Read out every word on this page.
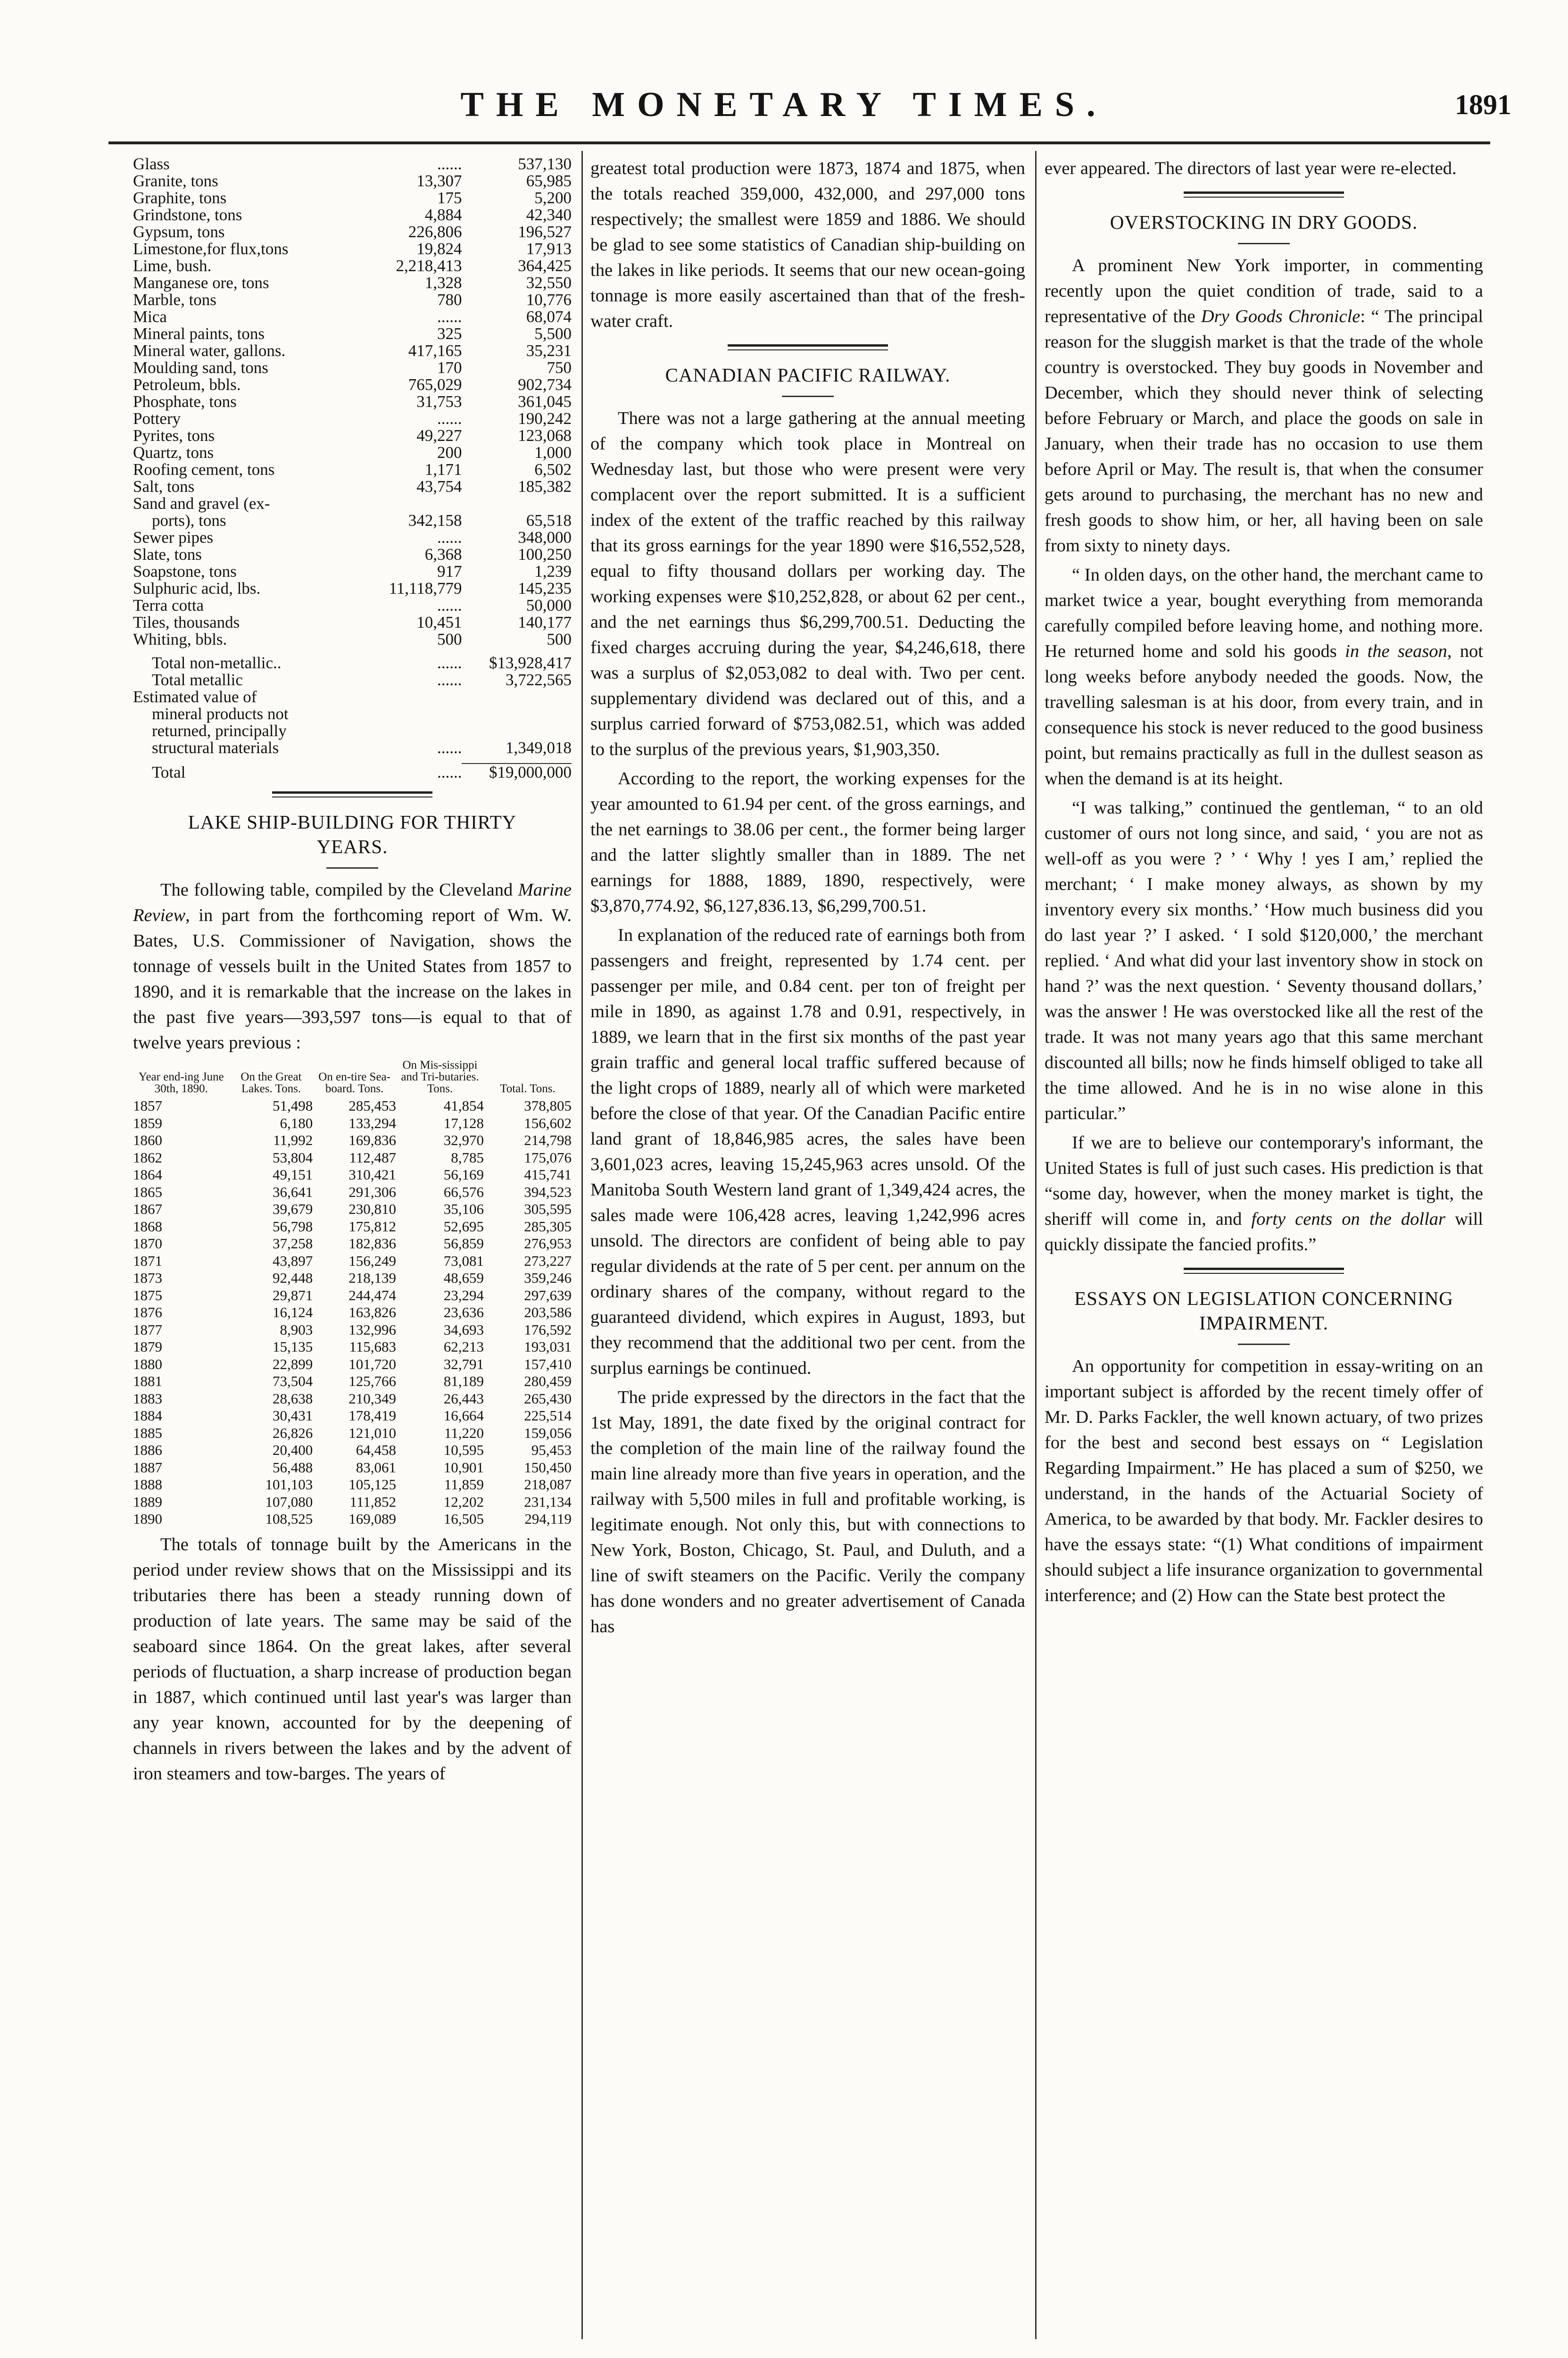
THE MONETARY TIMES.	1891
Glass	......	537,130
Granite, tons	13,307	65,985
Graphite, tons	175	5,200
Grindstone, tons	4,884	42,340
Gypsum, tons	226,806	196,527
Limestone,for flux,tons	19,824	17,913
Lime, bush.	2,218,413	364,425
Manganese ore, tons	1,328	32,550
Marble, tons	780	10,776
Mica	......	68,074
Mineral paints, tons	325	5,500
Mineral water, gallons.	417,165	35,231
Moulding sand, tons	170	750
Petroleum, bbls.	765,029	902,734
Phosphate, tons	31,753	361,045
Pottery	......	190,242
Pyrites, tons	49,227	123,068
Quartz, tons	200	1,000
Roofing cement, tons	1,171	6,502
Salt, tons	43,754	185,382
Sand and gravel (ex-		
ports), tons	342,158	65,518
Sewer pipes	......	348,000
Slate, tons	6,368	100,250
Soapstone, tons	917	1,239
Sulphuric acid, lbs.	11,118,779	145,235
Terra cotta	......	50,000
Tiles, thousands	10,451	140,177
Whiting, bbls.	500	500
Total non-metallic..	......	$13,928,417
Total metallic	......	3,722,565
Estimated value of		
mineral products not		
returned, principally		
structural materials	......	1,349,018

Total	......	$19,000,000
LAKE SHIP-BUILDING FOR THIRTY YEARS.

The following table, compiled by the Cleveland Marine Review, in part from the forthcoming report of Wm. W. Bates, U.S. Commissioner of Navigation, shows the tonnage of vessels built in the United States from 1857 to 1890, and it is remarkable that the increase on the lakes in the past five years—393,597 tons—is equal to that of twelve years previous :

Year end-ing June 30th, 1890.	On the Great Lakes. Tons.	On en-tire Sea-board. Tons.	On Mis-sissippi and Tri-butaries. Tons.	Total. Tons.
1857	51,498	285,453	41,854	378,805
1859	6,180	133,294	17,128	156,602
1860	11,992	169,836	32,970	214,798
1862	53,804	112,487	8,785	175,076
1864	49,151	310,421	56,169	415,741
1865	36,641	291,306	66,576	394,523
1867	39,679	230,810	35,106	305,595
1868	56,798	175,812	52,695	285,305
1870	37,258	182,836	56,859	276,953
1871	43,897	156,249	73,081	273,227
1873	92,448	218,139	48,659	359,246
1875	29,871	244,474	23,294	297,639
1876	16,124	163,826	23,636	203,586
1877	8,903	132,996	34,693	176,592
1879	15,135	115,683	62,213	193,031
1880	22,899	101,720	32,791	157,410
1881	73,504	125,766	81,189	280,459
1883	28,638	210,349	26,443	265,430
1884	30,431	178,419	16,664	225,514
1885	26,826	121,010	11,220	159,056
1886	20,400	64,458	10,595	95,453
1887	56,488	83,061	10,901	150,450
1888	101,103	105,125	11,859	218,087
1889	107,080	111,852	12,202	231,134
1890	108,525	169,089	16,505	294,119

The totals of tonnage built by the Americans in the period under review shows that on the Mississippi and its tributaries there has been a steady running down of production of late years. The same may be said of the seaboard since 1864. On the great lakes, after several periods of fluctuation, a sharp increase of production began in 1887, which continued until last year's was larger than any year known, accounted for by the deepening of channels in rivers between the lakes and by the advent of iron steamers and tow-barges. The years of

greatest total production were 1873, 1874 and 1875, when the totals reached 359,000, 432,000, and 297,000 tons respectively; the smallest were 1859 and 1886. We should be glad to see some statistics of Canadian ship-building on the lakes in like periods. It seems that our new ocean-going tonnage is more easily ascertained than that of the fresh-water craft.

CANADIAN PACIFIC RAILWAY.

There was not a large gathering at the annual meeting of the company which took place in Montreal on Wednesday last, but those who were present were very complacent over the report submitted. It is a sufficient index of the extent of the traffic reached by this railway that its gross earnings for the year 1890 were $16,552,528, equal to fifty thousand dollars per working day. The working expenses were $10,252,828, or about 62 per cent., and the net earnings thus $6,299,700.51. Deducting the fixed charges accruing during the year, $4,246,618, there was a surplus of $2,053,082 to deal with. Two per cent. supplementary dividend was declared out of this, and a surplus carried forward of $753,082.51, which was added to the surplus of the previous years, $1,903,350.

According to the report, the working expenses for the year amounted to 61.94 per cent. of the gross earnings, and the net earnings to 38.06 per cent., the former being larger and the latter slightly smaller than in 1889. The net earnings for 1888, 1889, 1890, respectively, were $3,870,774.92, $6,127,836.13, $6,299,700.51.

In explanation of the reduced rate of earnings both from passengers and freight, represented by 1.74 cent. per passenger per mile, and 0.84 cent. per ton of freight per mile in 1890, as against 1.78 and 0.91, respectively, in 1889, we learn that in the first six months of the past year grain traffic and general local traffic suffered because of the light crops of 1889, nearly all of which were marketed before the close of that year. Of the Canadian Pacific entire land grant of 18,846,985 acres, the sales have been 3,601,023 acres, leaving 15,245,963 acres unsold. Of the Manitoba South Western land grant of 1,349,424 acres, the sales made were 106,428 acres, leaving 1,242,996 acres unsold. The directors are confident of being able to pay regular dividends at the rate of 5 per cent. per annum on the ordinary shares of the company, without regard to the guaranteed dividend, which expires in August, 1893, but they recommend that the additional two per cent. from the surplus earnings be continued.

The pride expressed by the directors in the fact that the 1st May, 1891, the date fixed by the original contract for the completion of the main line of the railway found the main line already more than five years in operation, and the railway with 5,500 miles in full and profitable working, is legitimate enough. Not only this, but with connections to New York, Boston, Chicago, St. Paul, and Duluth, and a line of swift steamers on the Pacific. Verily the company has done wonders and no greater advertisement of Canada has

ever appeared. The directors of last year were re-elected.

OVERSTOCKING IN DRY GOODS.

A prominent New York importer, in commenting recently upon the quiet condition of trade, said to a representative of the Dry Goods Chronicle: “ The principal reason for the sluggish market is that the trade of the whole country is overstocked. They buy goods in November and December, which they should never think of selecting before February or March, and place the goods on sale in January, when their trade has no occasion to use them before April or May. The result is, that when the consumer gets around to purchasing, the merchant has no new and fresh goods to show him, or her, all having been on sale from sixty to ninety days.

“ In olden days, on the other hand, the merchant came to market twice a year, bought everything from memoranda carefully compiled before leaving home, and nothing more. He returned home and sold his goods in the season, not long weeks before anybody needed the goods. Now, the travelling salesman is at his door, from every train, and in consequence his stock is never reduced to the good business point, but remains practically as full in the dullest season as when the demand is at its height.

“I was talking,” continued the gentleman, “ to an old customer of ours not long since, and said, ‘ you are not as well-off as you were ? ’ ‘ Why ! yes I am,’ replied the merchant; ‘ I make money always, as shown by my inventory every six months.’ ‘How much business did you do last year ?’ I asked. ‘ I sold $120,000,’ the merchant replied. ‘ And what did your last inventory show in stock on hand ?’ was the next question. ‘ Seventy thousand dollars,’ was the answer ! He was overstocked like all the rest of the trade. It was not many years ago that this same merchant discounted all bills; now he finds himself obliged to take all the time allowed. And he is in no wise alone in this particular.”

If we are to believe our contemporary's informant, the United States is full of just such cases. His prediction is that “some day, however, when the money market is tight, the sheriff will come in, and forty cents on the dollar will quickly dissipate the fancied profits.”

ESSAYS ON LEGISLATION CONCERNING IMPAIRMENT.

An opportunity for competition in essay-writing on an important subject is afforded by the recent timely offer of Mr. D. Parks Fackler, the well known actuary, of two prizes for the best and second best essays on “ Legislation Regarding Impairment.” He has placed a sum of $250, we understand, in the hands of the Actuarial Society of America, to be awarded by that body. Mr. Fackler desires to have the essays state: “(1) What conditions of impairment should subject a life insurance organization to governmental interference; and (2) How can the State best protect the
